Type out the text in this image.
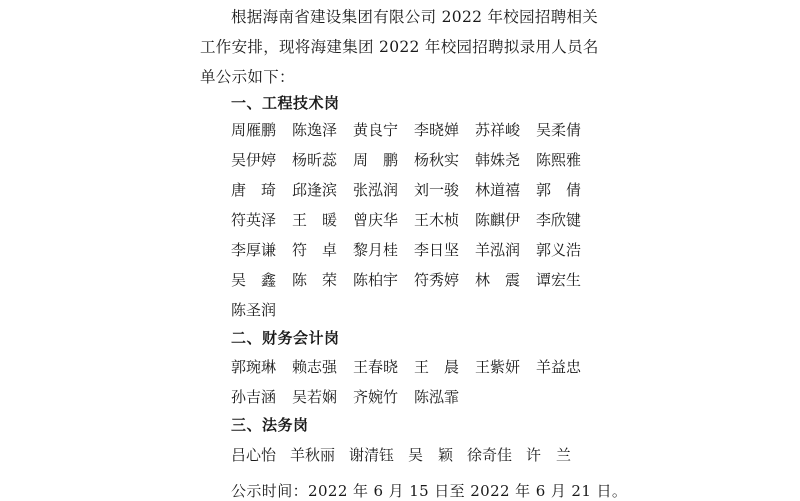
根据海南省建设集团有限公司 2022 年校园招聘相关工作安排，现将海建集团 2022 年校园招聘拟录用人员名单公示如下：

一、工程技术岗
周雁鹏	陈逸泽	黄良宁	李晓婵	苏祥峻	吴柔倩
吴伊婷	杨昕蕊	周　鹏	杨秋实	韩姝尧	陈熙雅
唐　琦	邱逢滨	张泓润	刘一骏	林道禧	郭　倩
符英泽	王　暖	曾庆华	王木桢	陈麒伊	李欣键
李厚谦	符　卓	黎月桂	李日坚	羊泓润	郭义浩
吴　鑫	陈　荣	陈柏宇	符秀婷	林　震	谭宏生
陈圣润
二、财务会计岗
郭琬琳	赖志强	王春晓	王　晨	王紫妍	羊益忠
孙吉涵	吴若娴	齐婉竹	陈泓霏
三、法务岗
吕心怡 羊秋丽 谢清钰 吴　颖 徐奇佳 许　兰

公示时间：2022 年 6 月 15 日至 2022 年 6 月 21 日。
